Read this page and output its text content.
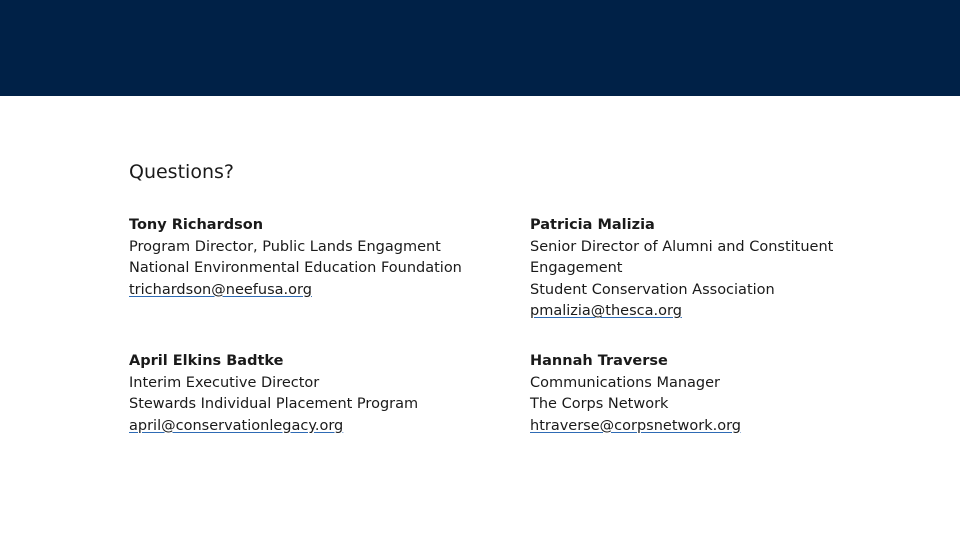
Questions?
Tony Richardson
Program Director, Public Lands Engagment
National Environmental Education Foundation
trichardson@neefusa.org
Patricia Malizia
Senior Director of Alumni and Constituent
Engagement
Student Conservation Association
pmalizia@thesca.org
April Elkins Badtke
Interim Executive Director
Stewards Individual Placement Program
april@conservationlegacy.org
Hannah Traverse
Communications Manager
The Corps Network
htraverse@corpsnetwork.org
